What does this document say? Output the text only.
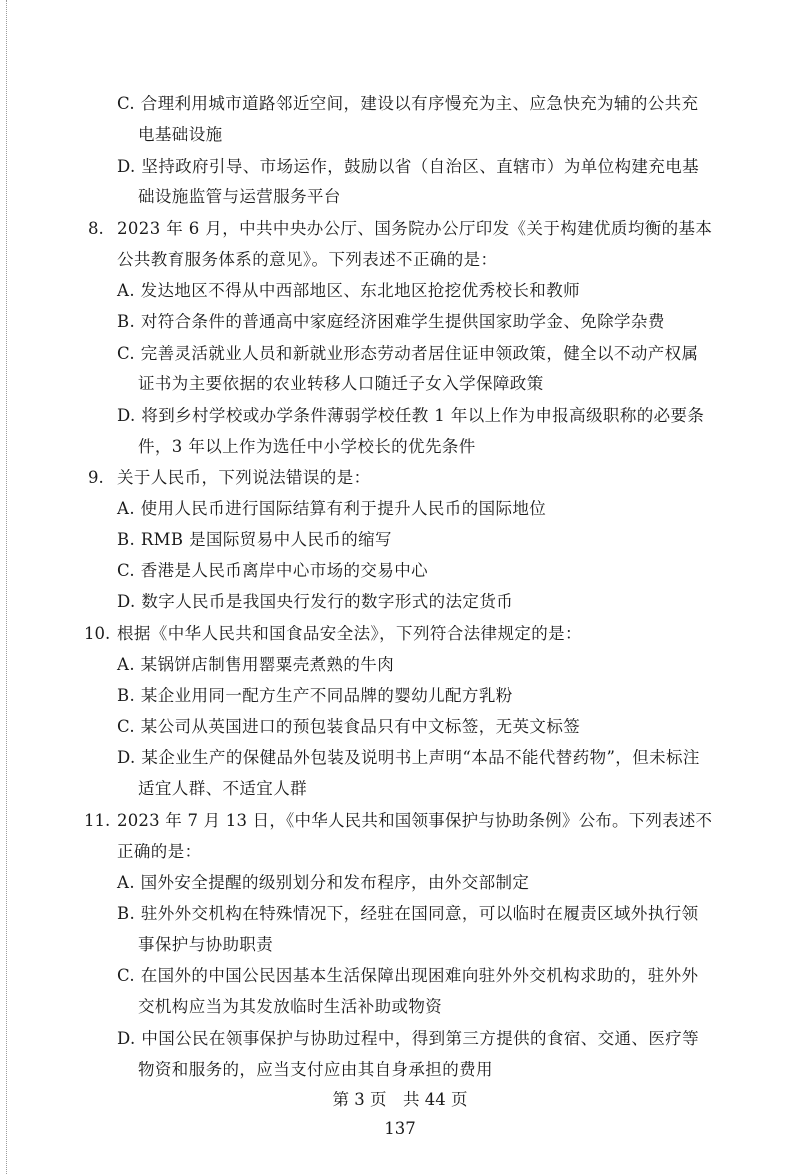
C. 合理利用城市道路邻近空间，建设以有序慢充为主、应急快充为辅的公共充
电基础设施
D. 坚持政府引导、市场运作，鼓励以省（自治区、直辖市）为单位构建充电基
础设施监管与运营服务平台
8. 2023 年 6 月，中共中央办公厅、国务院办公厅印发《关于构建优质均衡的基本
公共教育服务体系的意见》。下列表述不正确的是：
A. 发达地区不得从中西部地区、东北地区抢挖优秀校长和教师
B. 对符合条件的普通高中家庭经济困难学生提供国家助学金、免除学杂费
C. 完善灵活就业人员和新就业形态劳动者居住证申领政策，健全以不动产权属
证书为主要依据的农业转移人口随迁子女入学保障政策
D. 将到乡村学校或办学条件薄弱学校任教 1 年以上作为申报高级职称的必要条
件，3 年以上作为选任中小学校长的优先条件
9. 关于人民币，下列说法错误的是：
A. 使用人民币进行国际结算有利于提升人民币的国际地位
B. RMB 是国际贸易中人民币的缩写
C. 香港是人民币离岸中心市场的交易中心
D. 数字人民币是我国央行发行的数字形式的法定货币
10. 根据《中华人民共和国食品安全法》，下列符合法律规定的是：
A. 某锅饼店制售用罂粟壳煮熟的牛肉
B. 某企业用同一配方生产不同品牌的婴幼儿配方乳粉
C. 某公司从英国进口的预包装食品只有中文标签，无英文标签
D. 某企业生产的保健品外包装及说明书上声明“本品不能代替药物”，但未标注
适宜人群、不适宜人群
11. 2023 年 7 月 13 日，《中华人民共和国领事保护与协助条例》公布。下列表述不
正确的是：
A. 国外安全提醒的级别划分和发布程序，由外交部制定
B. 驻外外交机构在特殊情况下，经驻在国同意，可以临时在履责区域外执行领
事保护与协助职责
C. 在国外的中国公民因基本生活保障出现困难向驻外外交机构求助的，驻外外
交机构应当为其发放临时生活补助或物资
D. 中国公民在领事保护与协助过程中，得到第三方提供的食宿、交通、医疗等
物资和服务的，应当支付应由其自身承担的费用
第 3 页　共 44 页
137
